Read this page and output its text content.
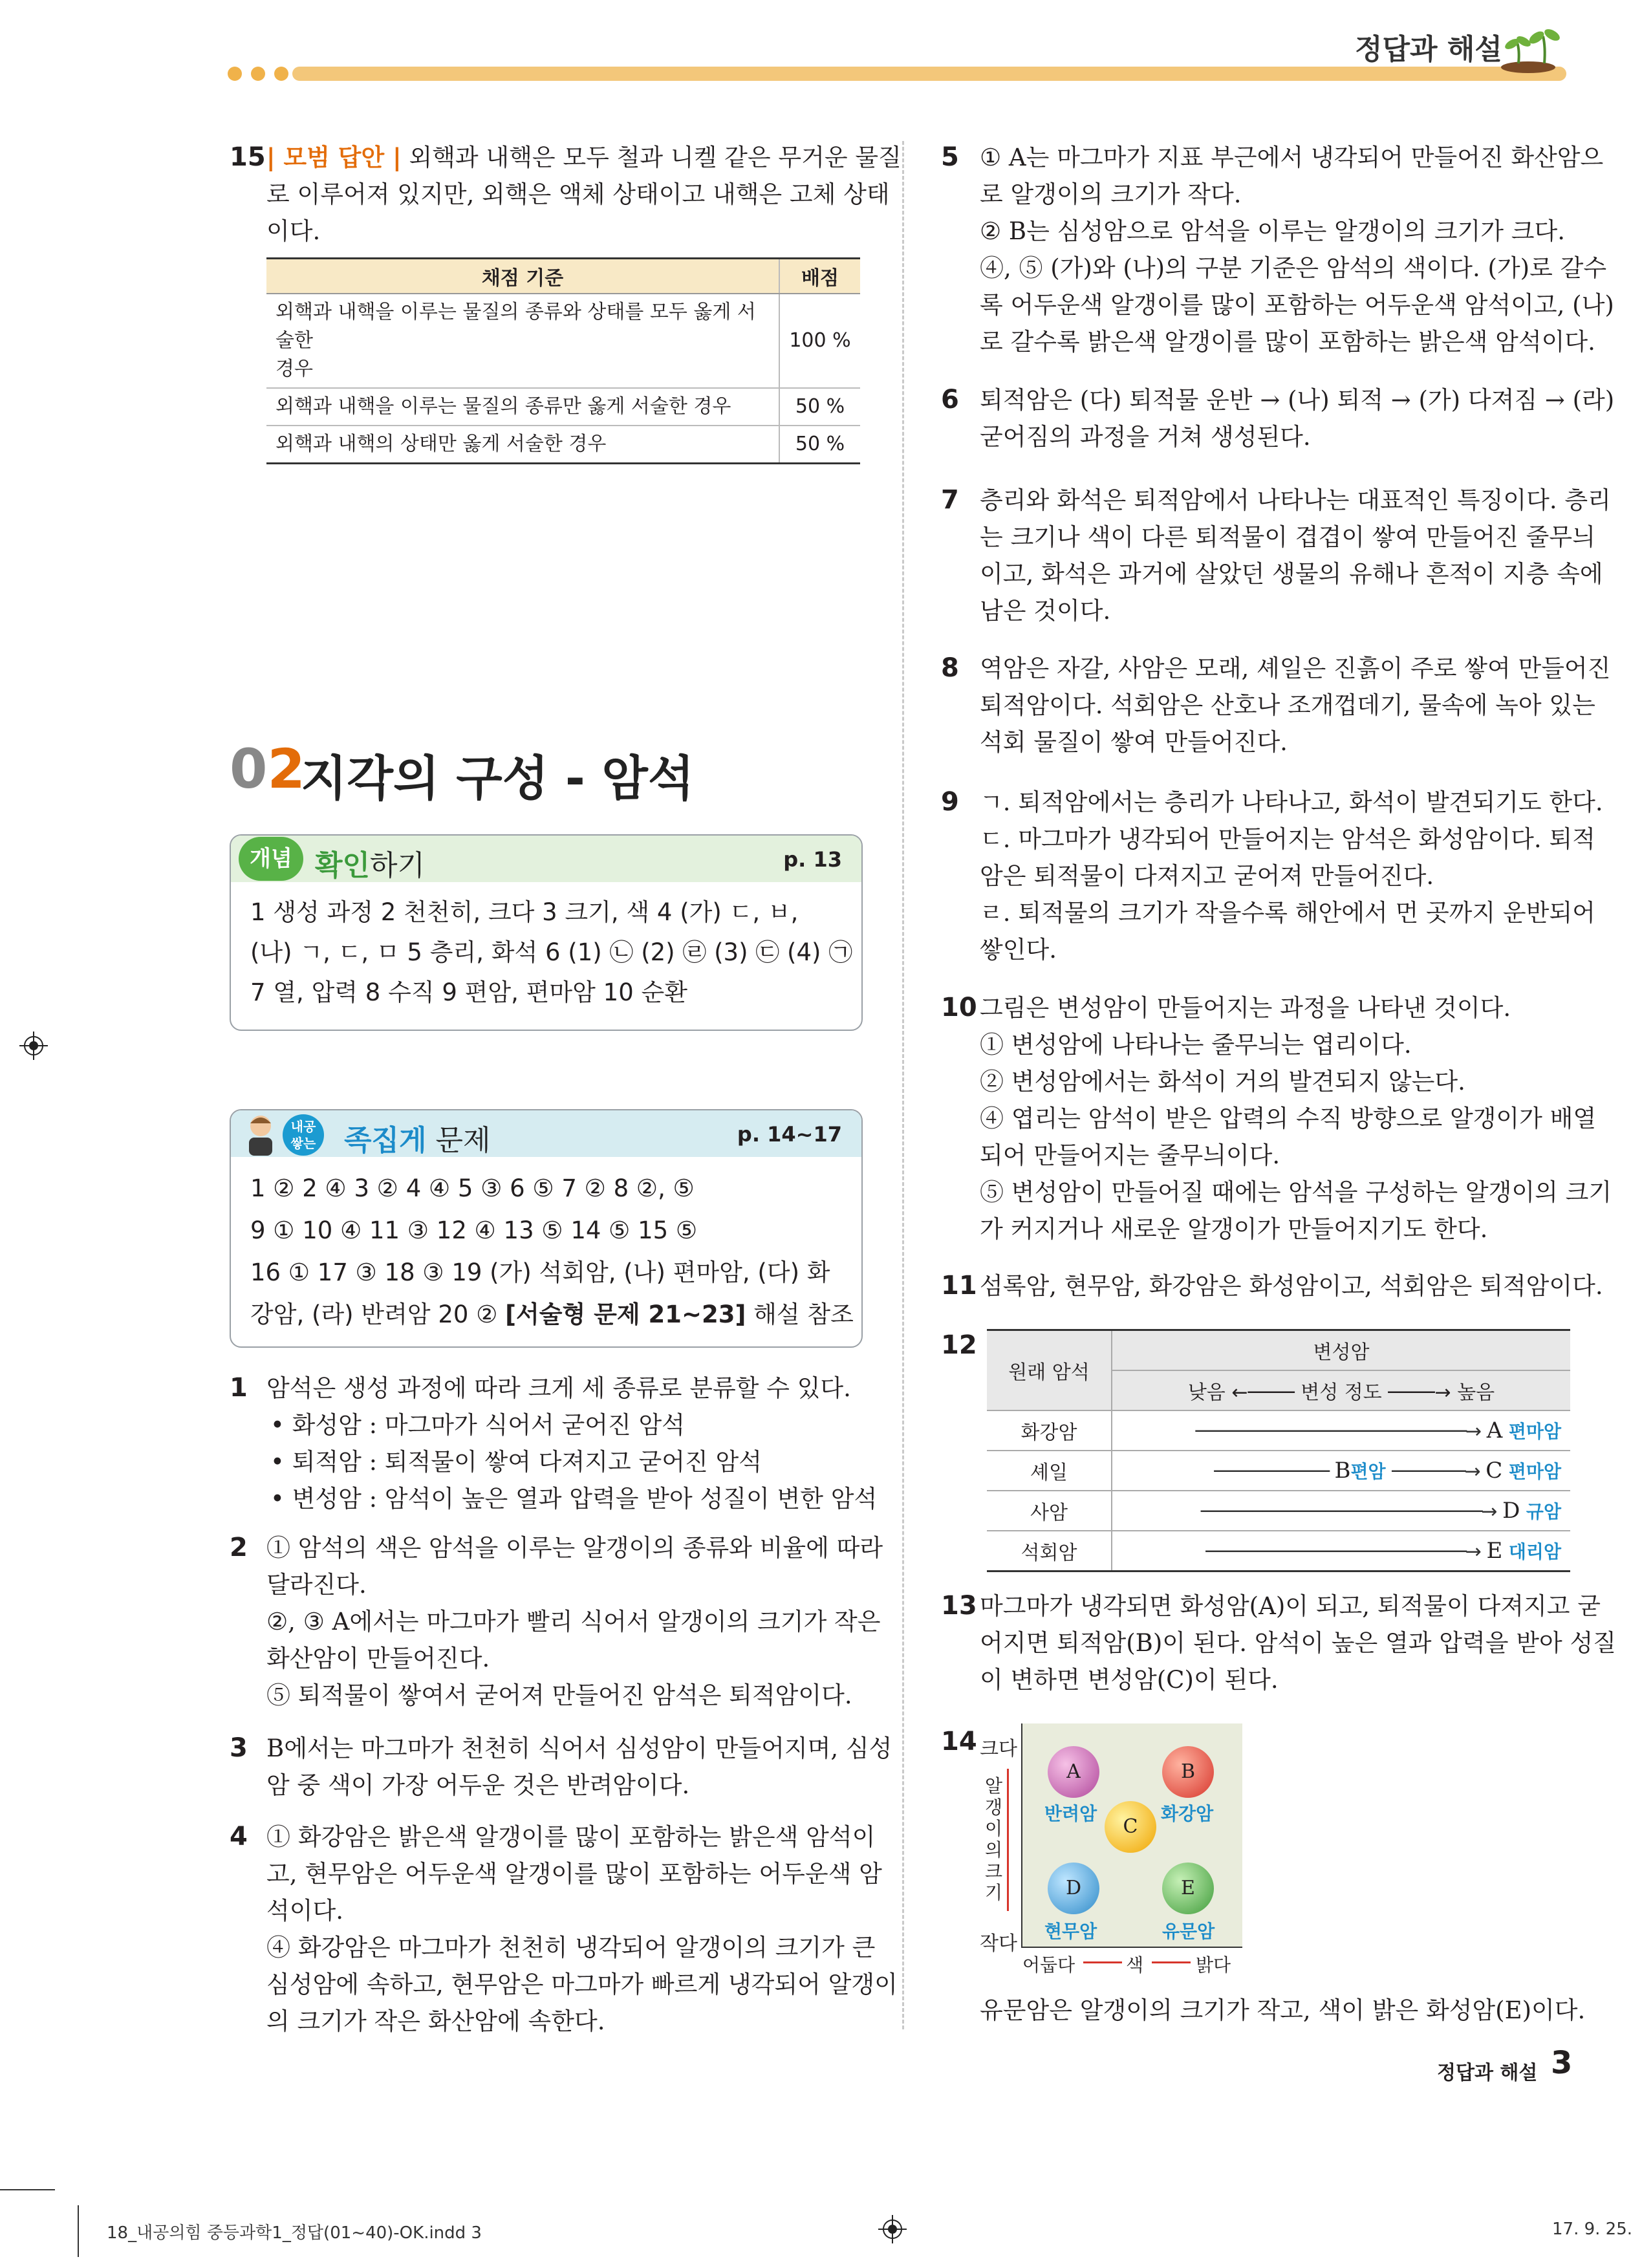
정답과 해설
15 | 모범 답안 | 외핵과 내핵은 모두 철과 니켈 같은 무거운 물질
로 이루어져 있지만, 외핵은 액체 상태이고 내핵은 고체 상태
이다.
채점 기준	배점
외핵과 내핵을 이루는 물질의 종류와 상태를 모두 옳게 서술한
경우	100 %
외핵과 내핵을 이루는 물질의 종류만 옳게 서술한 경우	50 %
외핵과 내핵의 상태만 옳게 서술한 경우	50 %
02
지각의 구성 - 암석
개념 확인하기	p. 13
1 생성 과정 2 천천히, 크다 3 크기, 색 4 (가) ㄷ, ㅂ,
(나) ㄱ, ㄷ, ㅁ 5 층리, 화석 6 (1) ㉡ (2) ㉣ (3) ㉢ (4) ㉠
7 열, 압력 8 수직 9 편암, 편마암 10 순환
내공 쌓는 족집게 문제	p. 14~17
1 ② 2 ④ 3 ② 4 ④ 5 ③ 6 ⑤ 7 ② 8 ②, ⑤
9 ① 10 ④ 11 ③ 12 ④ 13 ⑤ 14 ⑤ 15 ⑤
16 ① 17 ③ 18 ③ 19 (가) 석회암, (나) 편마암, (다) 화
강암, (라) 반려암 20 ② [서술형 문제 21~23] 해설 참조
1 암석은 생성 과정에 따라 크게 세 종류로 분류할 수 있다.
• 화성암 : 마그마가 식어서 굳어진 암석
• 퇴적암 : 퇴적물이 쌓여 다져지고 굳어진 암석
• 변성암 : 암석이 높은 열과 압력을 받아 성질이 변한 암석
2 ① 암석의 색은 암석을 이루는 알갱이의 종류와 비율에 따라
달라진다.
②, ③ A에서는 마그마가 빨리 식어서 알갱이의 크기가 작은
화산암이 만들어진다.
⑤ 퇴적물이 쌓여서 굳어져 만들어진 암석은 퇴적암이다.
3 B에서는 마그마가 천천히 식어서 심성암이 만들어지며, 심성
암 중 색이 가장 어두운 것은 반려암이다.
4 ① 화강암은 밝은색 알갱이를 많이 포함하는 밝은색 암석이
고, 현무암은 어두운색 알갱이를 많이 포함하는 어두운색 암
석이다.
④ 화강암은 마그마가 천천히 냉각되어 알갱이의 크기가 큰
심성암에 속하고, 현무암은 마그마가 빠르게 냉각되어 알갱이
의 크기가 작은 화산암에 속한다.
5 ① A는 마그마가 지표 부근에서 냉각되어 만들어진 화산암으
로 알갱이의 크기가 작다.
② B는 심성암으로 암석을 이루는 알갱이의 크기가 크다.
④, ⑤ (가)와 (나)의 구분 기준은 암석의 색이다. (가)로 갈수
록 어두운색 알갱이를 많이 포함하는 어두운색 암석이고, (나)
로 갈수록 밝은색 알갱이를 많이 포함하는 밝은색 암석이다.
6 퇴적암은 (다) 퇴적물 운반 → (나) 퇴적 → (가) 다져짐 → (라)
굳어짐의 과정을 거쳐 생성된다.
7 층리와 화석은 퇴적암에서 나타나는 대표적인 특징이다. 층리
는 크기나 색이 다른 퇴적물이 겹겹이 쌓여 만들어진 줄무늬
이고, 화석은 과거에 살았던 생물의 유해나 흔적이 지층 속에
남은 것이다.
8 역암은 자갈, 사암은 모래, 셰일은 진흙이 주로 쌓여 만들어진
퇴적암이다. 석회암은 산호나 조개껍데기, 물속에 녹아 있는
석회 물질이 쌓여 만들어진다.
9 ㄱ. 퇴적암에서는 층리가 나타나고, 화석이 발견되기도 한다.
ㄷ. 마그마가 냉각되어 만들어지는 암석은 화성암이다. 퇴적
암은 퇴적물이 다져지고 굳어져 만들어진다.
ㄹ. 퇴적물의 크기가 작을수록 해안에서 먼 곳까지 운반되어
쌓인다.
10 그림은 변성암이 만들어지는 과정을 나타낸 것이다.
① 변성암에 나타나는 줄무늬는 엽리이다.
② 변성암에서는 화석이 거의 발견되지 않는다.
④ 엽리는 암석이 받은 압력의 수직 방향으로 알갱이가 배열
되어 만들어지는 줄무늬이다.
⑤ 변성암이 만들어질 때에는 암석을 구성하는 알갱이의 크기
가 커지거나 새로운 알갱이가 만들어지기도 한다.
11 섬록암, 현무암, 화강암은 화성암이고, 석회암은 퇴적암이다.
12
원래 암석	변성암
	낮음 ←──── 변성 정도 ────→ 높음
화강암	──────────────────────────→ A 편마암
셰일	─────────── B편암 ───────→ C 편마암
사암	───────────────────────────→ D 규암
석회암	─────────────────────────→ E 대리암
13 마그마가 냉각되면 화성암(A)이 되고, 퇴적물이 다져지고 굳
어지면 퇴적암(B)이 된다. 암석이 높은 열과 압력을 받아 성질
이 변하면 변성암(C)이 된다.
14 크다
알갱이의크기
작다
A
반려암
B
화강암
C
D
현무암
E
유문암
어둡다	색	밝다
유문암은 알갱이의 크기가 작고, 색이 밝은 화성암(E)이다.
정답과 해설 3
18_내공의힘 중등과학1_정답(01~40)-OK.indd 3	17. 9. 25.
